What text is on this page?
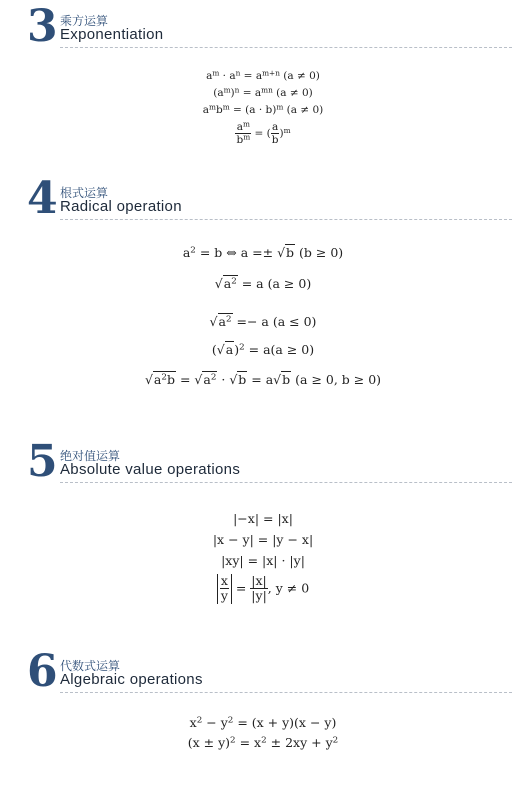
3 乘方运算
Exponentiation
$a^m \cdot a^n = a^{m+n}$ (a ≠ 0)
$(a^m)^n = a^{mn}$ (a ≠ 0)
$a^mb^m = (a \cdot b)^m$ (a ≠ 0)
$\frac{a^m}{b^m}$ = ( $\frac{a}{b} )^m$
4 根式运算
Radical operation
$a^2 = b$ ⇔ a =± √b (b ≥ 0)
$√a^2 = a$ (a ≥ 0)
$√a^2 =- a$ (a ≤ 0)
$(√a)^2 = a(a \ge 0)$
$√a^2b = √a^2 \cdot √b = a√b$ (a ≥ 0, b ≥ 0)
5 绝对值运算
Absolute value operations
|−x| = |x|
|x − y| = |y − x|
|xy| = |x| · |y|
$\frac{x}{y} = \frac{|x|}{|y|}$ , y ≠ 0
6 代数式运算
Algebraic operations
$x^2 - y^2 = (x + y)(x - y)$
$(x \pm y)^2 = x^2 \pm 2xy + y^2$
